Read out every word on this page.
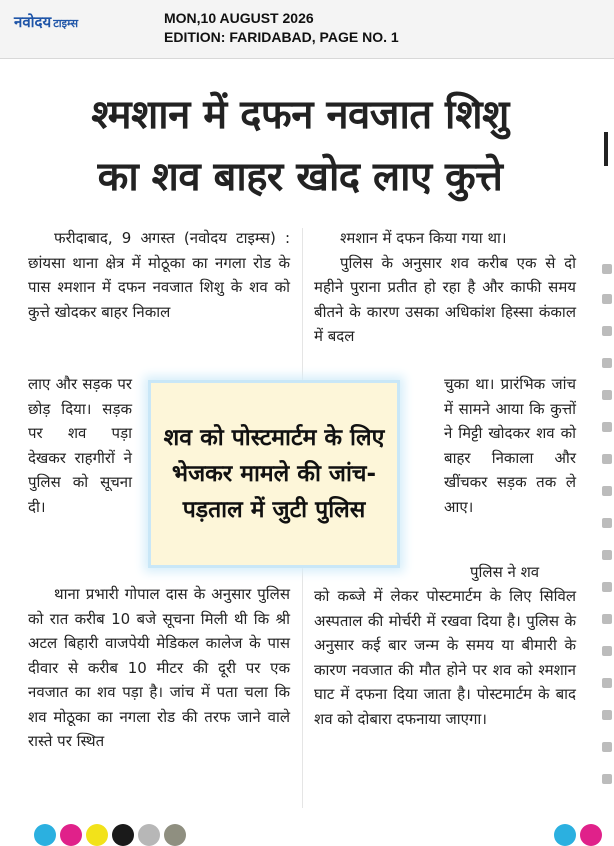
नवोदय टाइम्स	MON,10 AUGUST 2026
EDITION: FARIDABAD, PAGE NO. 1
श्मशान में दफन नवजात शिशु
का शव बाहर खोद लाए कुत्ते

फरीदाबाद, 9 अगस्त (नवोदय टाइम्स) : छांयसा थाना क्षेत्र में मोठूका का नगला रोड के पास श्मशान में दफन नवजात शिशु के शव को कुत्ते खोदकर बाहर निकाल

लाए और सड़क पर छोड़ दिया। सड़क पर शव पड़ा देखकर राहगीरों ने पुलिस को सूचना दी।

थाना प्रभारी गोपाल दास के अनुसार पुलिस को रात करीब 10 बजे सूचना मिली थी कि श्री अटल बिहारी वाजपेयी मेडिकल कालेज के पास दीवार से करीब 10 मीटर की दूरी पर एक नवजात का शव पड़ा है। जांच में पता चला कि शव मोठूका का नगला रोड की तरफ जाने वाले रास्ते पर स्थित

श्मशान में दफन किया गया था।

पुलिस के अनुसार शव करीब एक से दो महीने पुराना प्रतीत हो रहा है और काफी समय बीतने के कारण उसका अधिकांश हिस्सा कंकाल में बदल

चुका था। प्रारंभिक जांच में सामने आया कि कुत्तों ने मिट्टी खोदकर शव को बाहर निकाला और खींचकर सड़क तक ले आए।

पुलिस ने शव

को कब्जे में लेकर पोस्टमार्टम के लिए सिविल अस्पताल की मोर्चरी में रखवा दिया है। पुलिस के अनुसार कई बार जन्म के समय या बीमारी के कारण नवजात की मौत होने पर शव को श्मशान घाट में दफना दिया जाता है। पोस्टमार्टम के बाद शव को दोबारा दफनाया जाएगा।

शव को पोस्टमार्टम के लिए भेजकर मामले की जांच-पड़ताल में जुटी पुलिस
